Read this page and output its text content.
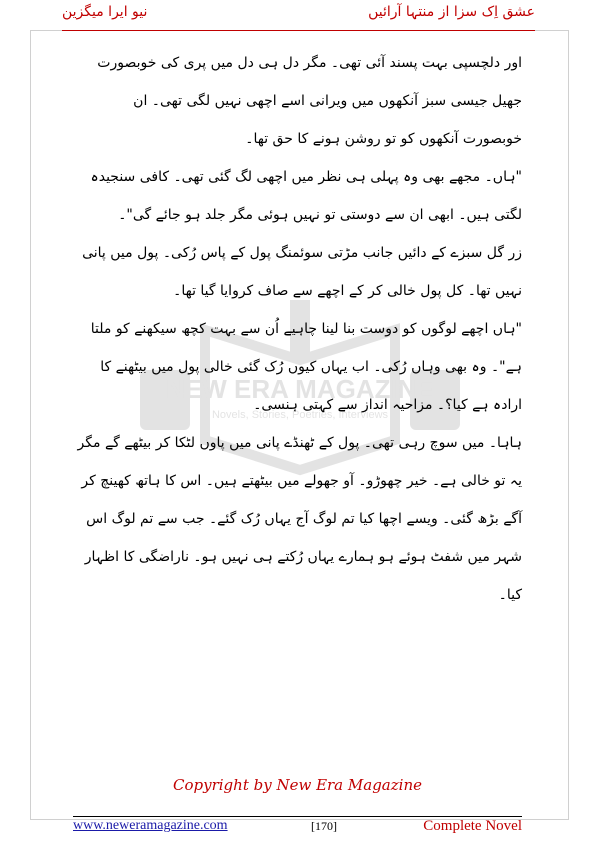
عشق اِک سزا از منتہا آرائیں
نیو ایرا میگزین
NEW ERA MAGAZINE
Novels, Stories, Poetries, Interviews

اور دلچسپی بہت پسند آئی تھی۔ مگر دل ہی دل میں پری کی خوبصورت جھیل جیسی سبز آنکھوں میں ویرانی اسے اچھی نہیں لگی تھی۔ ان خوبصورت آنکھوں کو تو روشن ہونے کا حق تھا۔

"ہاں۔ مجھے بھی وہ پہلی ہی نظر میں اچھی لگ گئی تھی۔ کافی سنجیدہ لگتی ہیں۔ ابھی ان سے دوستی تو نہیں ہوئی مگر جلد ہو جائے گی"۔

زر گل سبزے کے دائیں جانب مڑتی سوئمنگ پول کے پاس رُکی۔ پول میں پانی نہیں تھا۔ کل پول خالی کر کے اچھے سے صاف کروایا گیا تھا۔

"ہاں اچھے لوگوں کو دوست بنا لینا چاہیے اُن سے بہت کچھ سیکھنے کو ملتا ہے"۔ وہ بھی وہاں رُکی۔ اب یہاں کیوں رُک گئی خالی پول میں بیٹھنے کا ارادہ ہے کیا؟۔ مزاحیہ انداز سے کہتی ہنسی۔

ہاہا۔ میں سوچ رہی تھی۔ پول کے ٹھنڈے پانی میں پاوں لٹکا کر بیٹھے گے مگر یہ تو خالی ہے۔ خیر چھوڑو۔ آو جھولے میں بیٹھتے ہیں۔ اس کا ہاتھ کھینچ کر آگے بڑھ گئی۔ ویسے اچھا کیا تم لوگ آج یہاں رُک گئے۔ جب سے تم لوگ اس شہر میں شفٹ ہوئے ہو ہمارے یہاں رُکتے ہی نہیں ہو۔ ناراضگی کا اظہار کیا۔

Copyright by New Era Magazine
www.neweramagazine.com	[170]	Complete Novel
